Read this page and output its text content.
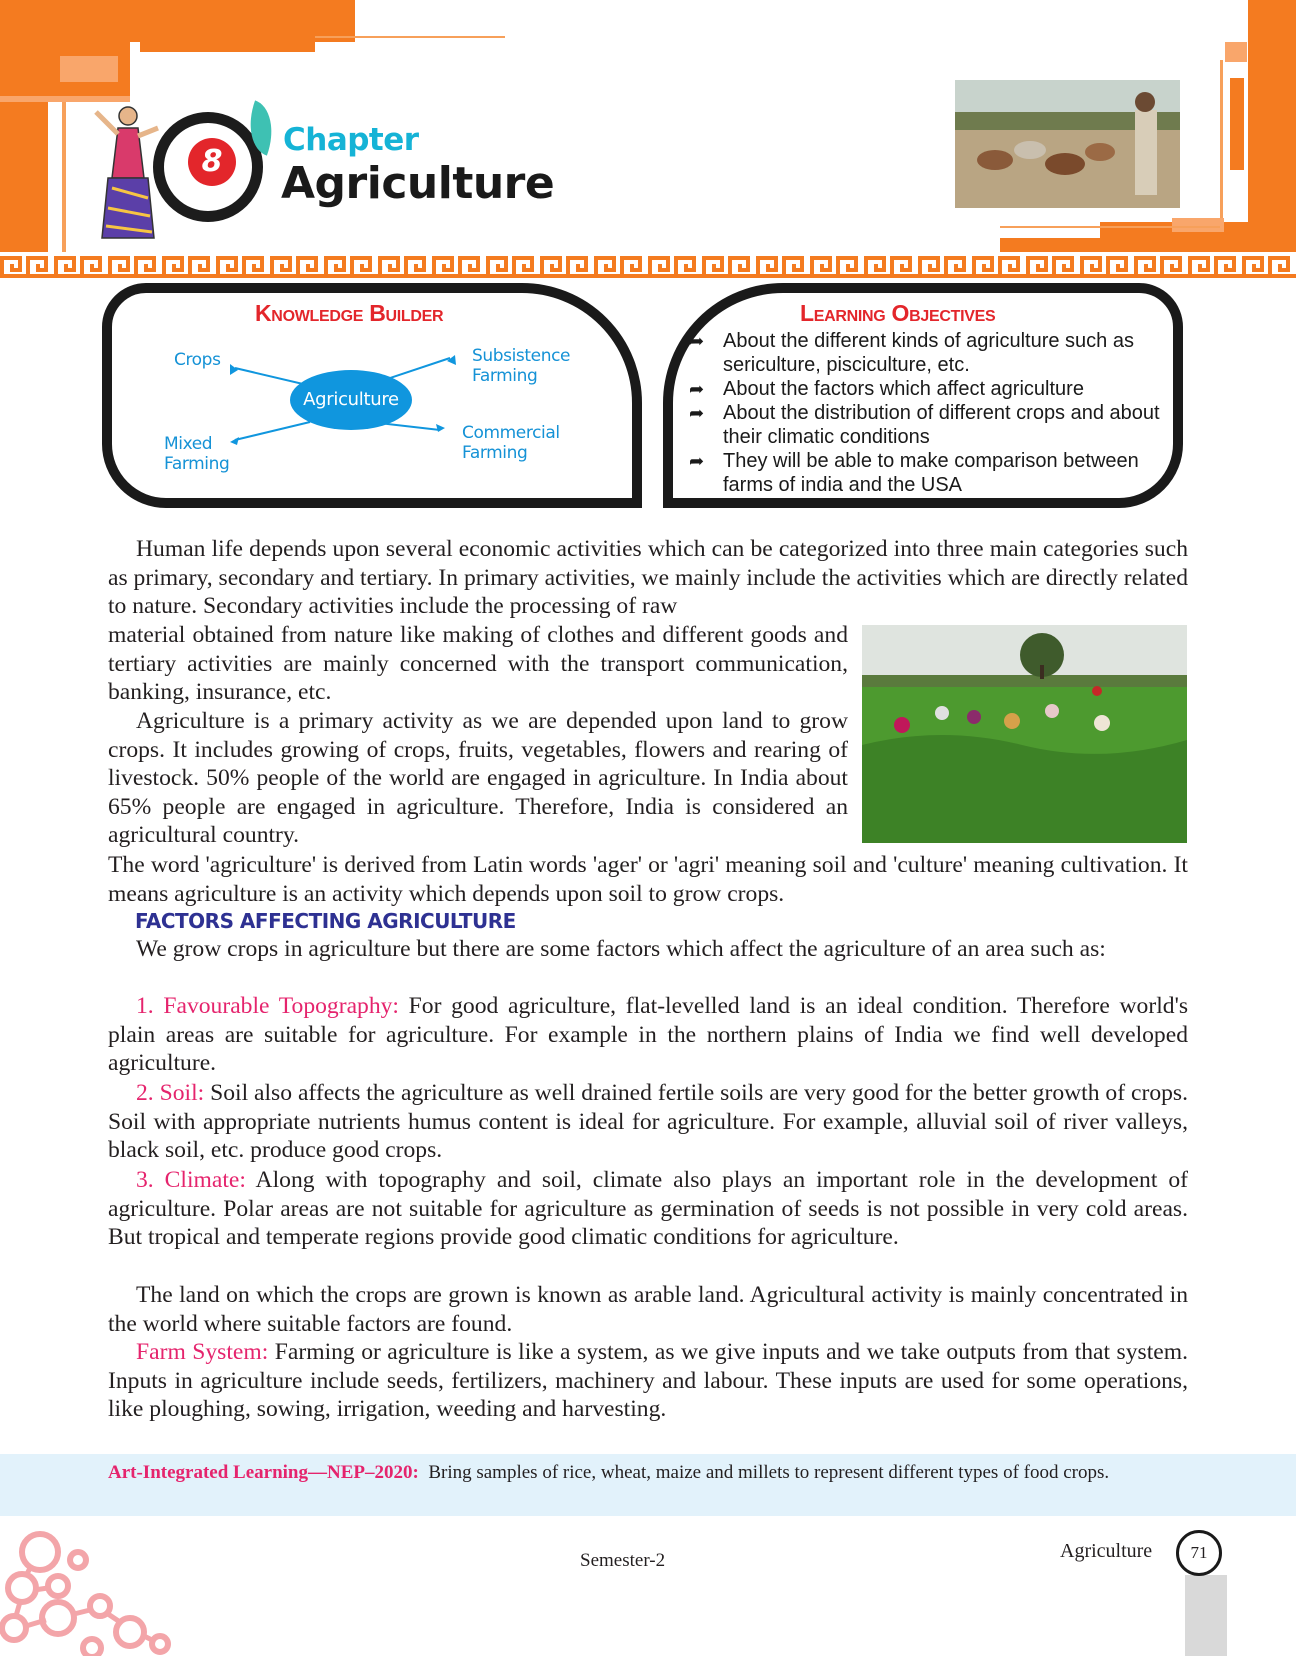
8
Chapter
Agriculture
Knowledge Builder
Agriculture
Crops	Subsistence Farming
Mixed Farming
Commercial Farming
Learning Objectives
➦ About the different kinds of agriculture such as sericulture, pisciculture, etc.
➦ About the factors which affect agriculture
➦ About the distribution of different crops and about their climatic conditions
➦ They will be able to make comparison between farms of india and the USA
Human life depends upon several economic activities which can be categorized into three main categories such as primary, secondary and tertiary. In primary activities, we mainly include the activities which are directly related to nature. Secondary activities include the processing of raw
material obtained from nature like making of clothes and different goods and tertiary activities are mainly concerned with the transport communication, banking, insurance, etc.
Agriculture is a primary activity as we are depended upon land to grow crops. It includes growing of crops, fruits, vegetables, flowers and rearing of livestock. 50% people of the world are engaged in agriculture. In India about 65% people are engaged in agriculture. Therefore, India is considered an agricultural country.
The word 'agriculture' is derived from Latin words 'ager' or 'agri' meaning soil and 'culture' meaning cultivation. It means agriculture is an activity which depends upon soil to grow crops.
FACTORS AFFECTING AGRICULTURE
We grow crops in agriculture but there are some factors which affect the agriculture of an area such as:
1. Favourable Topography: For good agriculture, flat-levelled land is an ideal condition. Therefore world's plain areas are suitable for agriculture. For example in the northern plains of India we find well developed agriculture.
2. Soil: Soil also affects the agriculture as well drained fertile soils are very good for the better growth of crops. Soil with appropriate nutrients humus content is ideal for agriculture. For example, alluvial soil of river valleys, black soil, etc. produce good crops.
3. Climate: Along with topography and soil, climate also plays an important role in the development of agriculture. Polar areas are not suitable for agriculture as germination of seeds is not possible in very cold areas. But tropical and temperate regions provide good climatic conditions for agriculture.
The land on which the crops are grown is known as arable land. Agricultural activity is mainly concentrated in the world where suitable factors are found.
Farm System: Farming or agriculture is like a system, as we give inputs and we take outputs from that system. Inputs in agriculture include seeds, fertilizers, machinery and labour. These inputs are used for some operations, like ploughing, sowing, irrigation, weeding and harvesting.
Art-Integrated Learning—NEP–2020: Bring samples of rice, wheat, maize and millets to represent different types of food crops.
Semester-2	Agriculture	71
